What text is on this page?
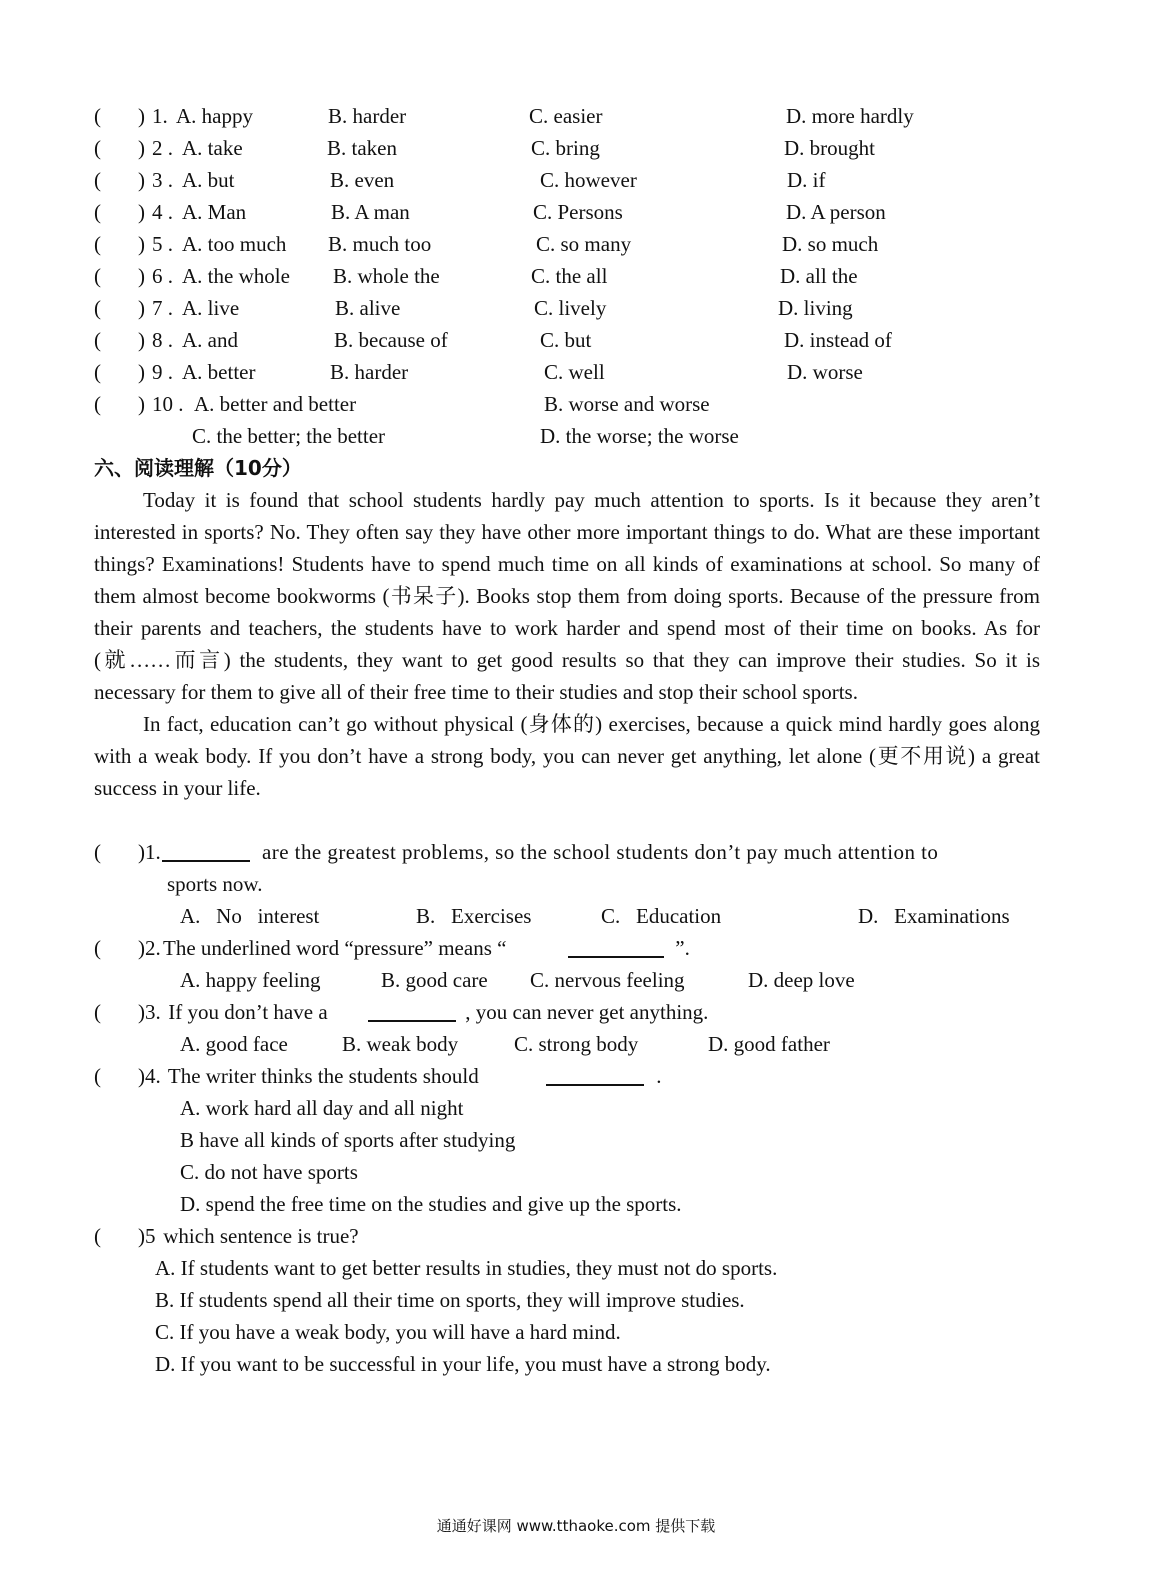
( ) 1. A. happy	B. harder	C. easier	D. more hardly
( ) 2 . A. take	B. taken	C. bring	D. brought
( ) 3 . A. but	B. even	C. however	D. if
( ) 4 . A. Man	B. A man	C. Persons	D. A person
( ) 5 . A. too much B. much too	C. so many	D. so much
( ) 6 . A. the whole B. whole the	C. the all	D. all the
( ) 7 . A. live	B. alive	C. lively	D. living
( ) 8 . A. and	B. because of	C. but	D. instead of
( ) 9 . A. better	B. harder	C. well	D. worse
( ) 10 . A. better and better	B. worse and worse
C. the better; the better	D. the worse; the worse
六、阅读理解（10分）

Today it is found that school students hardly pay much attention to sports. Is it because they aren’t interested in sports? No. They often say they have other more important things to do. What are these important things? Examinations! Students have to spend much time on all kinds of examinations at school. So many of them almost become bookworms (书呆子). Books stop them from doing sports. Because of the pressure from their parents and teachers, the students have to work harder and spend most of their time on books. As for (就……而言) the students, they want to get good results so that they can improve their studies. So it is necessary for them to give all of their free time to their studies and stop their school sports.

In fact, education can’t go without physical (身体的) exercises, because a quick mind hardly goes along with a weak body. If you don’t have a strong body, you can never get anything, let alone (更不用说) a great success in your life.

( )1.	are the greatest problems, so the school students don’t pay much attention to
sports now.
A.   No   interest	B.   Exercises	C.   Education	D.   Examinations
( )2. The underlined word “pressure” means “	”.
A. happy feeling	B. good care C. nervous feeling	D. deep love
( )3. If you don’t have a	, you can never get anything.
A. good face	B. weak body	C. strong body	D. good father
( )4. The writer thinks the students should	.
A. work hard all day and all night
B have all kinds of sports after studying
C. do not have sports
D. spend the free time on the studies and give up the sports.
( )5 which sentence is true?
A. If students want to get better results in studies, they must not do sports.
B. If students spend all their time on sports, they will improve studies.
C. If you have a weak body, you will have a hard mind.
D. If you want to be successful in your life, you must have a strong body.
通通好课网 www.tthaoke.com 提供下载
